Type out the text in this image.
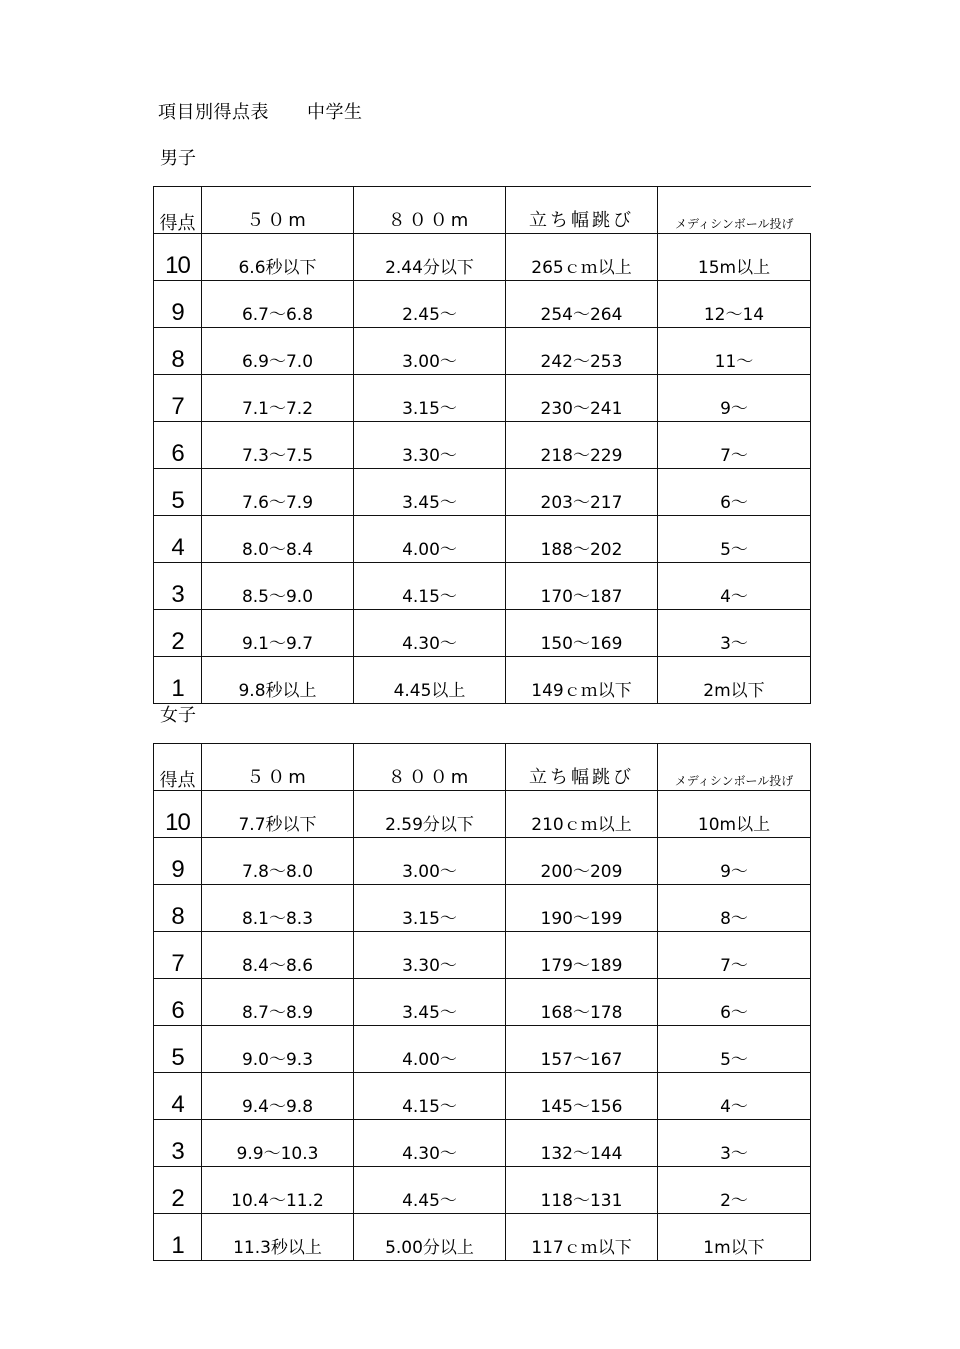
項目別得点表 中学生
男子
得点	５０m	８００m	立ち幅跳び	メディシンボール投げ
10	6.6秒以下	2.44分以下	265ｃｍ以上	15m以上
9	6.7〜6.8	2.45〜	254〜264	12〜14
8	6.9〜7.0	3.00〜	242〜253	11〜
7	7.1〜7.2	3.15〜	230〜241	9〜
6	7.3〜7.5	3.30〜	218〜229	7〜
5	7.6〜7.9	3.45〜	203〜217	6〜
4	8.0〜8.4	4.00〜	188〜202	5〜
3	8.5〜9.0	4.15〜	170〜187	4〜
2	9.1〜9.7	4.30〜	150〜169	3〜
1	9.8秒以上	4.45以上	149ｃｍ以下	2m以下
女子
得点	５０m	８００m	立ち幅跳び	メディシンボール投げ
10	7.7秒以下	2.59分以下	210ｃｍ以上	10m以上
9	7.8〜8.0	3.00〜	200〜209	9〜
8	8.1〜8.3	3.15〜	190〜199	8〜
7	8.4〜8.6	3.30〜	179〜189	7〜
6	8.7〜8.9	3.45〜	168〜178	6〜
5	9.0〜9.3	4.00〜	157〜167	5〜
4	9.4〜9.8	4.15〜	145〜156	4〜
3	9.9〜10.3	4.30〜	132〜144	3〜
2	10.4〜11.2	4.45〜	118〜131	2〜
1	11.3秒以上	5.00分以上	117ｃｍ以下	1m以下
